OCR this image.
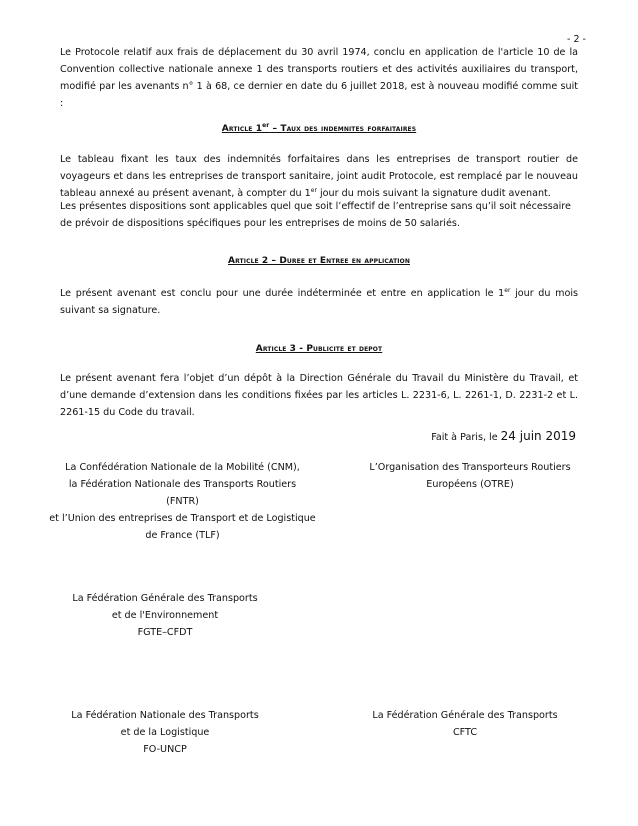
- 2 -

Le Protocole relatif aux frais de déplacement du 30 avril 1974, conclu en application de l'article 10 de la Convention collective nationale annexe 1 des transports routiers et des activités auxiliaires du transport, modifié par les avenants n° 1 à 68, ce dernier en date du 6 juillet 2018, est à nouveau modifié comme suit :

Article 1er – Taux des indemnites forfaitaires

Le tableau fixant les taux des indemnités forfaitaires dans les entreprises de transport routier de voyageurs et dans les entreprises de transport sanitaire, joint audit Protocole, est remplacé par le nouveau tableau annexé au présent avenant, à compter du 1er jour du mois suivant la signature dudit avenant.

Les présentes dispositions sont applicables quel que soit l’effectif de l’entreprise sans qu’il soit nécessaire de prévoir de dispositions spécifiques pour les entreprises de moins de 50 salariés.

Article 2 – Duree et Entree en application

Le présent avenant est conclu pour une durée indéterminée et entre en application le 1er jour du mois suivant sa signature.

Article 3 - Publicite et depot

Le présent avenant fera l’objet d’un dépôt à la Direction Générale du Travail du Ministère du Travail, et d’une demande d’extension dans les conditions fixées par les articles L. 2231-6, L. 2261-1, D. 2231-2 et L. 2261-15 du Code du travail.

Fait à Paris, le 24 juin 2019
La Confédération Nationale de la Mobilité (CNM),
la Fédération Nationale des Transports Routiers
(FNTR)
et l’Union des entreprises de Transport et de Logistique
de France (TLF)
L’Organisation des Transporteurs Routiers
Européens (OTRE)
La Fédération Générale des Transports
et de l'Environnement
FGTE–CFDT
La Fédération Nationale des Transports
et de la Logistique
FO-UNCP
La Fédération Générale des Transports
CFTC
